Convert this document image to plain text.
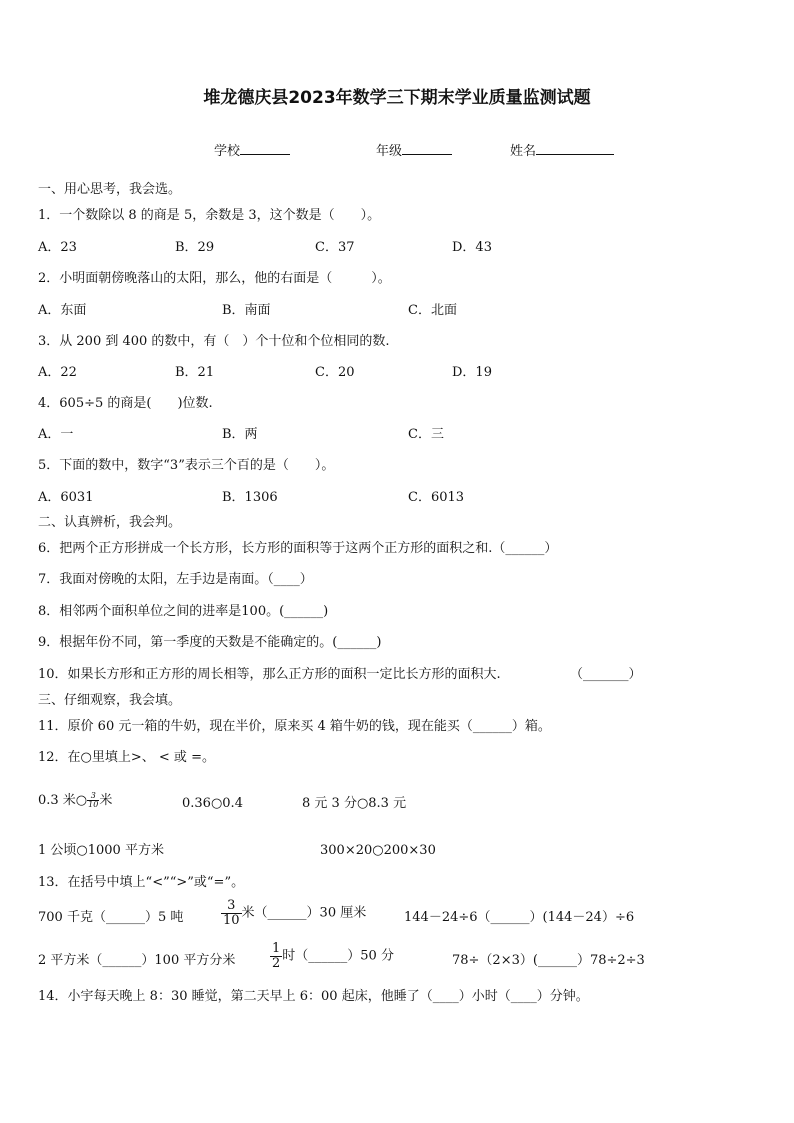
堆龙德庆县2023年数学三下期末学业质量监测试题
学校	年级	姓名
一、用心思考，我会选。
1．一个数除以 8 的商是 5，余数是 3，这个数是（　　）。
A．23	B．29	C．37	D．43
2．小明面朝傍晚落山的太阳，那么，他的右面是（　　　）。
A．东面	B．南面	C．北面
3．从 200 到 400 的数中，有（　）个十位和个位相同的数.
A．22	B．21	C．20	D．19
4．605÷5 的商是(　　)位数.
A．一	B．两	C．三
5．下面的数中，数字“3”表示三个百的是（　　）。
A．6031	B．1306	C．6013
二、认真辨析，我会判。
6．把两个正方形拼成一个长方形，长方形的面积等于这两个正方形的面积之和.（______）
7．我面对傍晚的太阳，左手边是南面。（____）
8．相邻两个面积单位之间的进率是100。(______)
9．根据年份不同，第一季度的天数是不能确定的。(______)
10．如果长方形和正方形的周长相等，那么正方形的面积一定比长方形的面积大.	（_______）
三、仔细观察，我会填。
11．原价 60 元一箱的牛奶，现在半价，原来买 4 箱牛奶的钱，现在能买（______）箱。
12．在○里填上>、 < 或 =。
0.3 米○ $\frac{3}{10}$ 米	0.36○0.4	8 元 3 分○8.3 元
1 公顷○1000 平方米	300×20○200×30
13．在括号中填上“<”“>”或“=”。
700 千克（______）5 吨	$\frac{3}{10}$ 米（______）30 厘米	144－24÷6（______）(144－24）÷6
2 平方米（______）100 平方分米	$\frac{1}{2}$ 时（______）50 分	78÷（2×3）(______）78÷2÷3
14．小宇每天晚上 8：30 睡觉，第二天早上 6：00 起床，他睡了（____）小时（____）分钟。
